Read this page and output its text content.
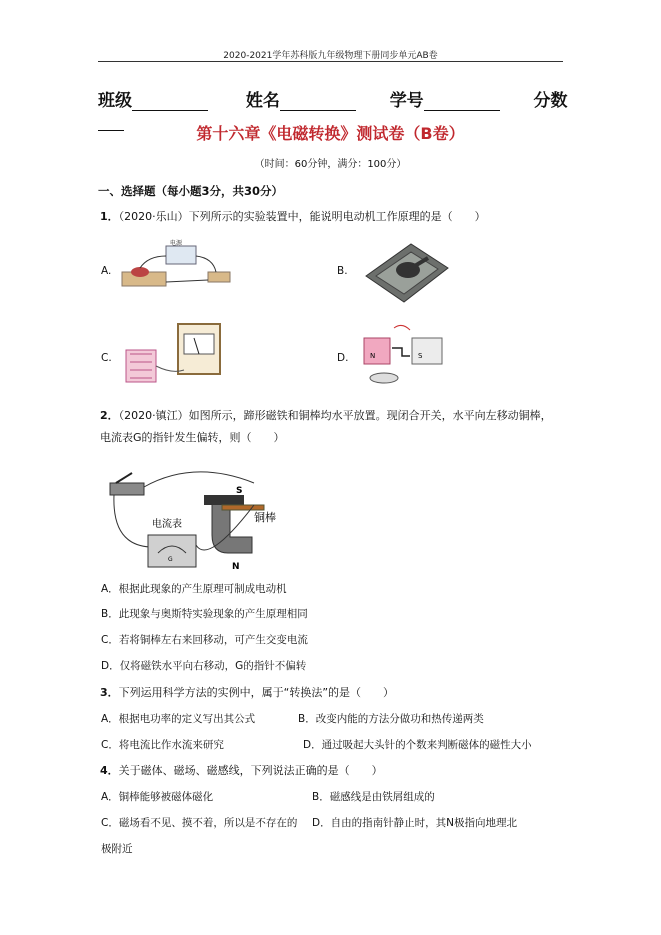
2020-2021学年苏科版九年级物理下册同步单元AB卷
班级	姓名	学号	分数
第十六章《电磁转换》测试卷（B卷）
（时间：60分钟，满分：100分）
一、选择题（每小题3分，共30分）
1．（2020·乐山）下列所示的实验装置中，能说明电动机工作原理的是（　　）
A.
电源
B.
C.	D.	N	S
2．（2020·镇江）如图所示，蹄形磁铁和铜棒均水平放置。现闭合开关，水平向左移动铜棒，
电流表G的指针发生偏转，则（　　）
电流表
G
S
N
铜棒
A．根据此现象的产生原理可制成电动机
B．此现象与奥斯特实验现象的产生原理相同
C．若将铜棒左右来回移动，可产生交变电流
D．仅将磁铁水平向右移动，G的指针不偏转
3．下列运用科学方法的实例中，属于“转换法”的是（　　）
A．根据电功率的定义写出其公式	B．改变内能的方法分做功和热传递两类
C．将电流比作水流来研究	D．通过吸起大头针的个数来判断磁体的磁性大小
4．关于磁体、磁场、磁感线，下列说法正确的是（　　）
A．铜棒能够被磁体磁化	B．磁感线是由铁屑组成的
C．磁场看不见、摸不着，所以是不存在的 D．自由的指南针静止时，其N极指向地理北
极附近
